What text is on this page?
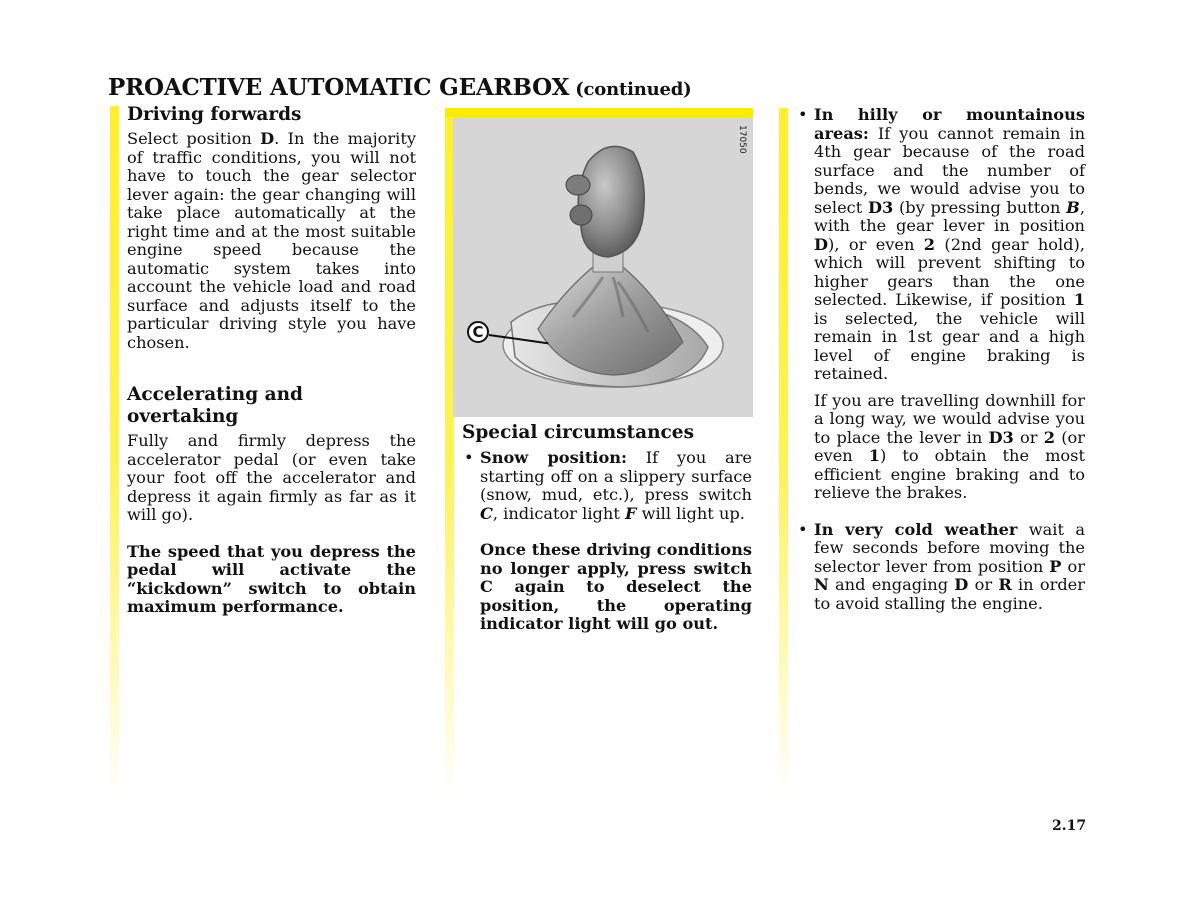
PROACTIVE AUTOMATIC GEARBOX (continued)
Driving forwards

Select position D. In the majority of traffic conditions, you will not have to touch the gear selector lever again: the gear changing will take place automatically at the right time and at the most suitable engine speed because the automatic system takes into account the vehicle load and road surface and adjusts itself to the particular driving style you have chosen.

Accelerating and overtaking

Fully and firmly depress the accelerator pedal (or even take your foot off the accelerator and depress it again firmly as far as it will go).

The speed that you depress the pedal will activate the “kickdown” switch to obtain maximum performance.

17050
C
Special circumstances
• Snow position: If you are starting off on a slippery surface (snow, mud, etc.), press switch C, indicator light F will light up.

Once these driving conditions no longer apply, press switch C again to deselect the position, the operating indicator light will go out.

• In hilly or mountainous areas: If you cannot remain in 4th gear because of the road surface and the number of bends, we would advise you to select D3 (by pressing button B, with the gear lever in position D), or even 2 (2nd gear hold), which will prevent shifting to higher gears than the one selected. Likewise, if position 1 is selected, the vehicle will remain in 1st gear and a high level of engine braking is retained.

If you are travelling downhill for a long way, we would advise you to place the lever in D3 or 2 (or even 1) to obtain the most efficient engine braking and to relieve the brakes.

• In very cold weather wait a few seconds before moving the selector lever from position P or N and engaging D or R in order to avoid stalling the engine.

2.17
